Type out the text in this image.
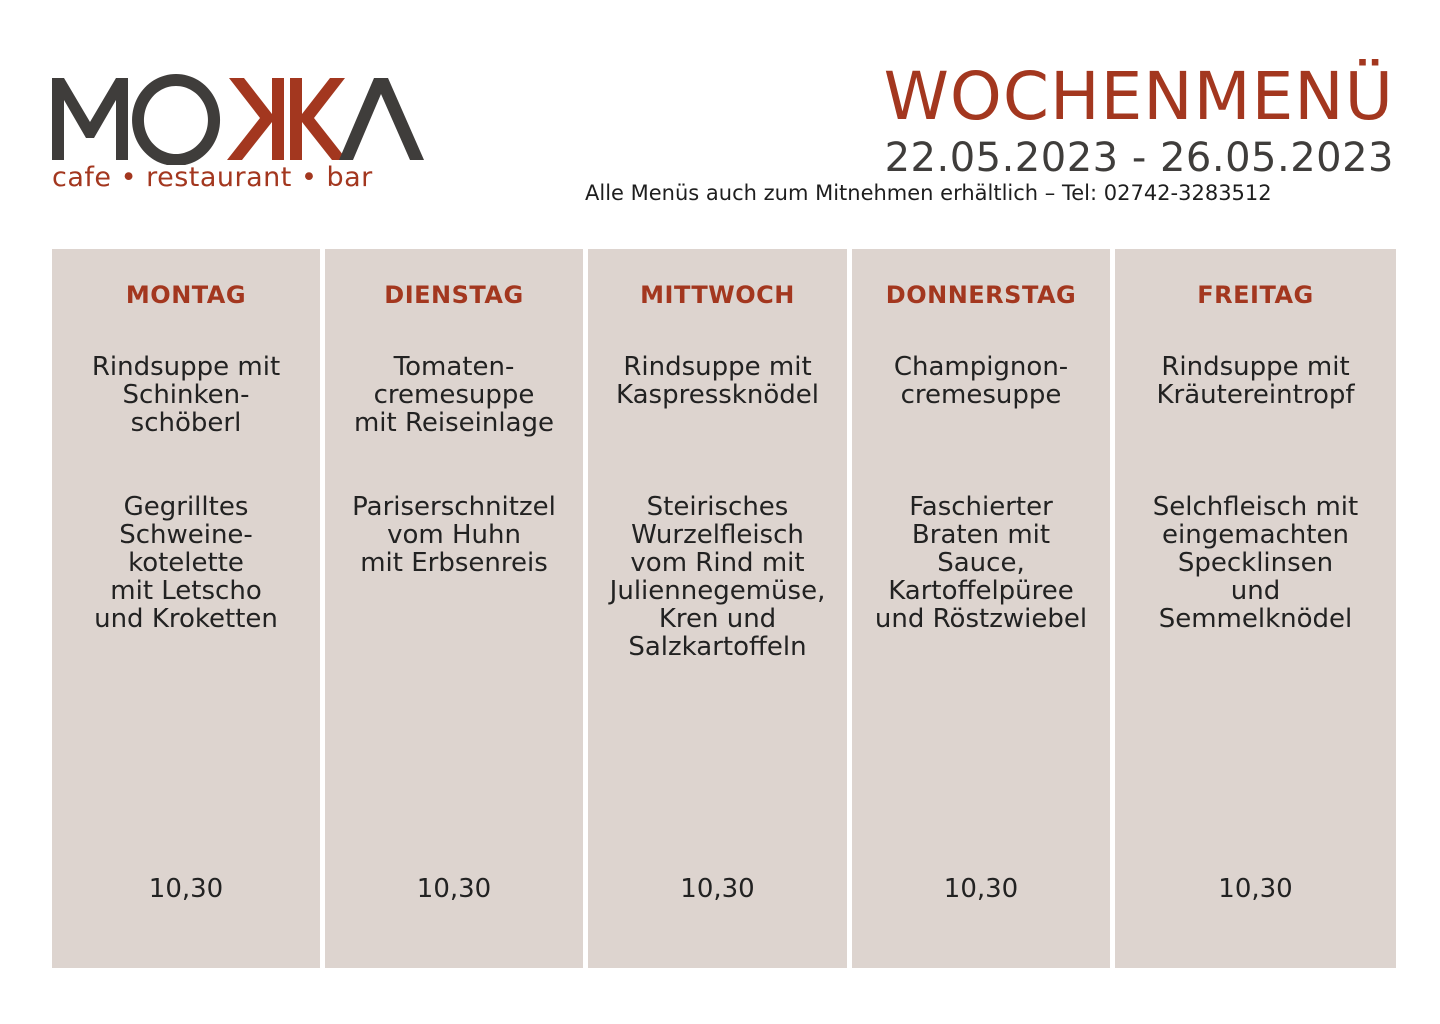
cafe • restaurant • bar
WOCHENMENÜ

22.05.2023 - 26.05.2023

Alle Menüs auch zum Mitnehmen erhältlich – Tel: 02742-3283512
MONTAG
Rindsuppe mit
Schinken-
schöberl
Gegrilltes
Schweine-
kotelette
mit Letscho
und Kroketten
10,30
DIENSTAG
Tomaten-
cremesuppe
mit Reiseinlage
Pariserschnitzel
vom Huhn
mit Erbsenreis
10,30
MITTWOCH
Rindsuppe mit
Kaspressknödel
Steirisches
Wurzelfleisch
vom Rind mit
Juliennegemüse,
Kren und
Salzkartoffeln
10,30
DONNERSTAG
Champignon-
cremesuppe
Faschierter
Braten mit
Sauce,
Kartoffelpüree
und Röstzwiebel
10,30
FREITAG
Rindsuppe mit
Kräutereintropf
Selchfleisch mit
eingemachten
Specklinsen
und
Semmelknödel
10,30
